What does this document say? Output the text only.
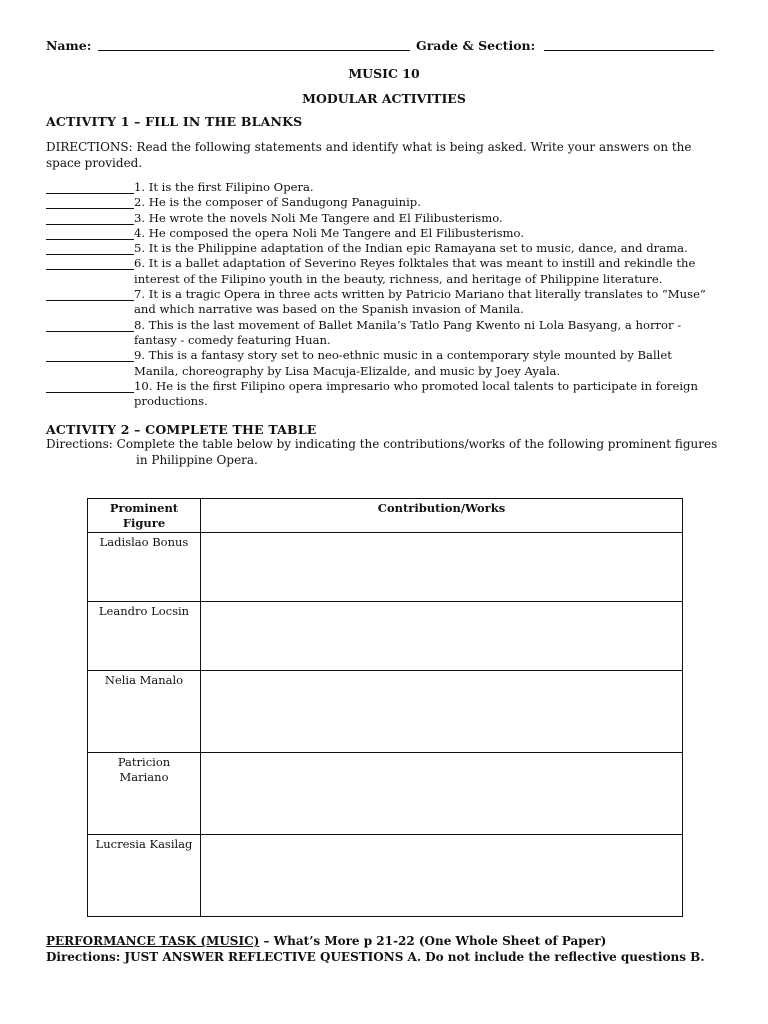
Name:	Grade & Section:
MUSIC 10
MODULAR ACTIVITIES
ACTIVITY 1 – FILL IN THE BLANKS
DIRECTIONS: Read the following statements and identify what is being asked. Write your answers on the space provided.
1. It is the first Filipino Opera.
2. He is the composer of Sandugong Panaguinip.
3. He wrote the novels Noli Me Tangere and El Filibusterismo.
4. He composed the opera Noli Me Tangere and El Filibusterismo.
5. It is the Philippine adaptation of the Indian epic Ramayana set to music, dance, and drama.
6. It is a ballet adaptation of Severino Reyes folktales that was meant to instill and rekindle the interest of the Filipino youth in the beauty, richness, and heritage of Philippine literature.
7. It is a tragic Opera in three acts written by Patricio Mariano that literally translates to “Muse” and which narrative was based on the Spanish invasion of Manila.
8. This is the last movement of Ballet Manila’s Tatlo Pang Kwento ni Lola Basyang, a horror - fantasy - comedy featuring Huan.
9. This is a fantasy story set to neo-ethnic music in a contemporary style mounted by Ballet Manila, choreography by Lisa Macuja-Elizalde, and music by Joey Ayala.
10. He is the first Filipino opera impresario who promoted local talents to participate in foreign productions.
ACTIVITY 2 – COMPLETE THE TABLE
Directions: Complete the table below by indicating the contributions/works of the following prominent figures
in Philippine Opera.
Prominent Figure	Contribution/Works
Ladislao Bonus	
Leandro Locsin	
Nelia Manalo	
Patricion Mariano	
Lucresia Kasilag	
PERFORMANCE TASK (MUSIC) – What’s More p 21-22 (One Whole Sheet of Paper)
Directions: JUST ANSWER REFLECTIVE QUESTIONS A. Do not include the reflective questions B.
